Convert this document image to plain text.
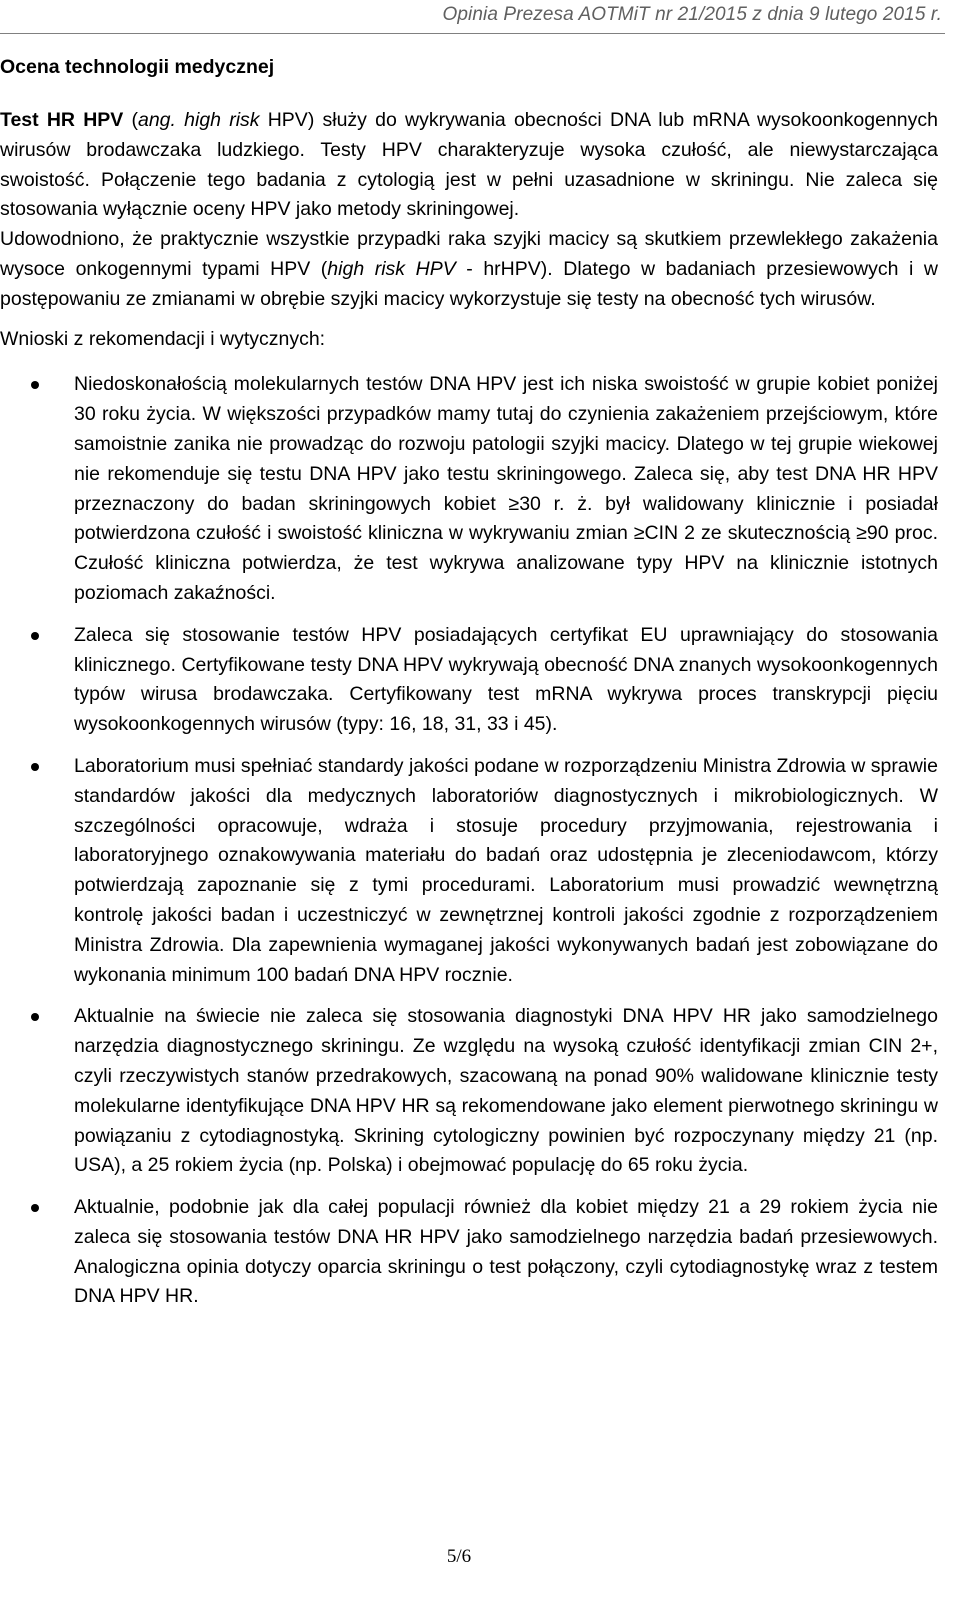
Opinia Prezesa AOTMiT nr 21/2015 z dnia 9 lutego 2015 r.
Ocena technologii medycznej

Test HR HPV (ang. high risk HPV) służy do wykrywania obecności DNA lub mRNA wysokoonkogennych wirusów brodawczaka ludzkiego. Testy HPV charakteryzuje wysoka czułość, ale niewystarczająca swoistość. Połączenie tego badania z cytologią jest w pełni uzasadnione w skriningu. Nie zaleca się stosowania wyłącznie oceny HPV jako metody skriningowej.

Udowodniono, że praktycznie wszystkie przypadki raka szyjki macicy są skutkiem przewlekłego zakażenia wysoce onkogennymi typami HPV (high risk HPV - hrHPV). Dlatego w badaniach przesiewowych i w postępowaniu ze zmianami w obrębie szyjki macicy wykorzystuje się testy na obecność tych wirusów.

Wnioski z rekomendacji i wytycznych:

Niedoskonałością molekularnych testów DNA HPV jest ich niska swoistość w grupie kobiet poniżej 30 roku życia. W większości przypadków mamy tutaj do czynienia zakażeniem przejściowym, które samoistnie zanika nie prowadząc do rozwoju patologii szyjki macicy. Dlatego w tej grupie wiekowej nie rekomenduje się testu DNA HPV jako testu skriningowego. Zaleca się, aby test DNA HR HPV przeznaczony do badan skriningowych kobiet ≥30 r. ż. był walidowany klinicznie i posiadał potwierdzona czułość i swoistość kliniczna w wykrywaniu zmian ≥CIN 2 ze skutecznością ≥90 proc. Czułość kliniczna potwierdza, że test wykrywa analizowane typy HPV na klinicznie istotnych poziomach zakaźności.
Zaleca się stosowanie testów HPV posiadających certyfikat EU uprawniający do stosowania klinicznego. Certyfikowane testy DNA HPV wykrywają obecność DNA znanych wysokoonkogennych typów wirusa brodawczaka. Certyfikowany test mRNA wykrywa proces transkrypcji pięciu wysokoonkogennych wirusów (typy: 16, 18, 31, 33 i 45).
Laboratorium musi spełniać standardy jakości podane w rozporządzeniu Ministra Zdrowia w sprawie standardów jakości dla medycznych laboratoriów diagnostycznych i mikrobiologicznych. W szczególności opracowuje, wdraża i stosuje procedury przyjmowania, rejestrowania i laboratoryjnego oznakowywania materiału do badań oraz udostępnia je zleceniodawcom, którzy potwierdzają zapoznanie się z tymi procedurami. Laboratorium musi prowadzić wewnętrzną kontrolę jakości badan i uczestniczyć w zewnętrznej kontroli jakości zgodnie z rozporządzeniem Ministra Zdrowia. Dla zapewnienia wymaganej jakości wykonywanych badań jest zobowiązane do wykonania minimum 100 badań DNA HPV rocznie.
Aktualnie na świecie nie zaleca się stosowania diagnostyki DNA HPV HR jako samodzielnego narzędzia diagnostycznego skriningu. Ze względu na wysoką czułość identyfikacji zmian CIN 2+, czyli rzeczywistych stanów przedrakowych, szacowaną na ponad 90% walidowane klinicznie testy molekularne identyfikujące DNA HPV HR są rekomendowane jako element pierwotnego skriningu w powiązaniu z cytodiagnostyką. Skrining cytologiczny powinien być rozpoczynany między 21 (np. USA), a 25 rokiem życia (np. Polska) i obejmować populację do 65 roku życia.
Aktualnie, podobnie jak dla całej populacji również dla kobiet między 21 a 29 rokiem życia nie zaleca się stosowania testów DNA HR HPV jako samodzielnego narzędzia badań przesiewowych. Analogiczna opinia dotyczy oparcia skriningu o test połączony, czyli cytodiagnostykę wraz z testem DNA HPV HR.
5/6
